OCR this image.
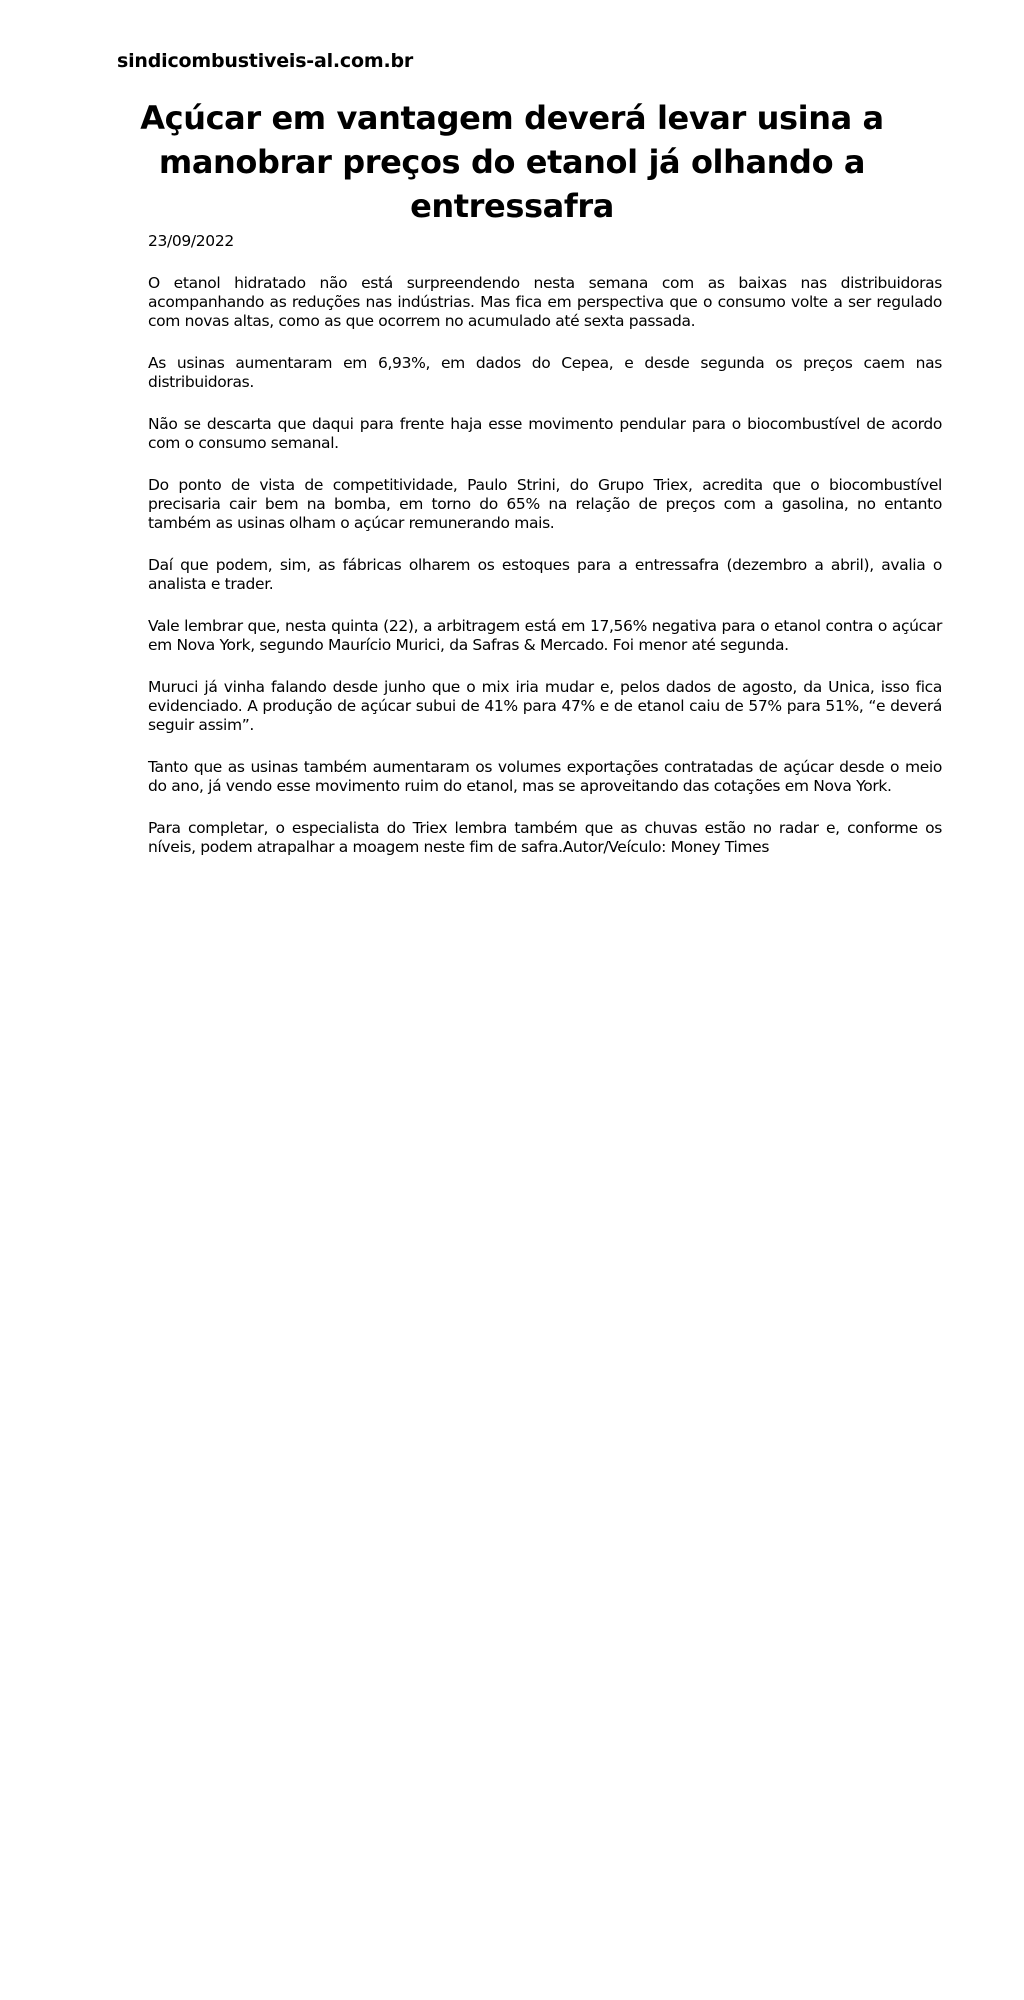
sindicombustiveis-al.com.br
Açúcar em vantagem deverá levar usina a manobrar preços do etanol já olhando a entressafra

23/09/2022

O etanol hidratado não está surpreendendo nesta semana com as baixas nas distribuidoras acompanhando as reduções nas indústrias. Mas fica em perspectiva que o consumo volte a ser regulado com novas altas, como as que ocorrem no acumulado até sexta passada.

As usinas aumentaram em 6,93%, em dados do Cepea, e desde segunda os preços caem nas distribuidoras.

Não se descarta que daqui para frente haja esse movimento pendular para o biocombustível de acordo com o consumo semanal.

Do ponto de vista de competitividade, Paulo Strini, do Grupo Triex, acredita que o biocombustível precisaria cair bem na bomba, em torno do 65% na relação de preços com a gasolina, no entanto também as usinas olham o açúcar remunerando mais.

Daí que podem, sim, as fábricas olharem os estoques para a entressafra (dezembro a abril), avalia o analista e trader.

Vale lembrar que, nesta quinta (22), a arbitragem está em 17,56% negativa para o etanol contra o açúcar em Nova York, segundo Maurício Murici, da Safras & Mercado. Foi menor até segunda.

Muruci já vinha falando desde junho que o mix iria mudar e, pelos dados de agosto, da Unica, isso fica evidenciado. A produção de açúcar subui de 41% para 47% e de etanol caiu de 57% para 51%, “e deverá seguir assim”.

Tanto que as usinas também aumentaram os volumes exportações contratadas de açúcar desde o meio do ano, já vendo esse movimento ruim do etanol, mas se aproveitando das cotações em Nova York.

Para completar, o especialista do Triex lembra também que as chuvas estão no radar e, conforme os níveis, podem atrapalhar a moagem neste fim de safra.Autor/Veículo: Money Times
